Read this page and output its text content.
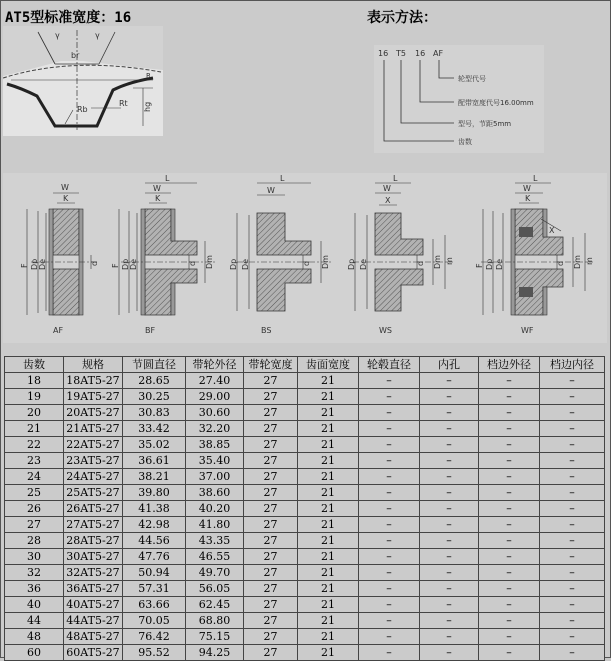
AT5型标准宽度：16	表示方法：
γ	γ
br
R
Rb
Rt hg
16 T5 16 AF
轮型代号
配带宽度代号16.00mm
型号，节距5mm
齿数
W
K
F Dp De	d
AF
L
W
K
F Dp De	d Dm
BF
L
W
Dp De	d Dm
BS
L
W
X
Dp De	d Dm m
WS
L
W
K
X
F Dp De	d Dm m
WF
齿数	规格	节圆直径	带轮外径	带轮宽度	齿面宽度	轮毂直径	内孔	档边外径	档边内径
18	18AT5-27	28.65	27.40	27	21	–	–	–	–
19	19AT5-27	30.25	29.00	27	21	–	–	–	–
20	20AT5-27	30.83	30.60	27	21	–	–	–	–
21	21AT5-27	33.42	32.20	27	21	–	–	–	–
22	22AT5-27	35.02	38.85	27	21	–	–	–	–
23	23AT5-27	36.61	35.40	27	21	–	–	–	–
24	24AT5-27	38.21	37.00	27	21	–	–	–	–
25	25AT5-27	39.80	38.60	27	21	–	–	–	–
26	26AT5-27	41.38	40.20	27	21	–	–	–	–
27	27AT5-27	42.98	41.80	27	21	–	–	–	–
28	28AT5-27	44.56	43.35	27	21	–	–	–	–
30	30AT5-27	47.76	46.55	27	21	–	–	–	–
32	32AT5-27	50.94	49.70	27	21	–	–	–	–
36	36AT5-27	57.31	56.05	27	21	–	–	–	–
40	40AT5-27	63.66	62.45	27	21	–	–	–	–
44	44AT5-27	70.05	68.80	27	21	–	–	–	–
48	48AT5-27	76.42	75.15	27	21	–	–	–	–
60	60AT5-27	95.52	94.25	27	21	–	–	–	–
